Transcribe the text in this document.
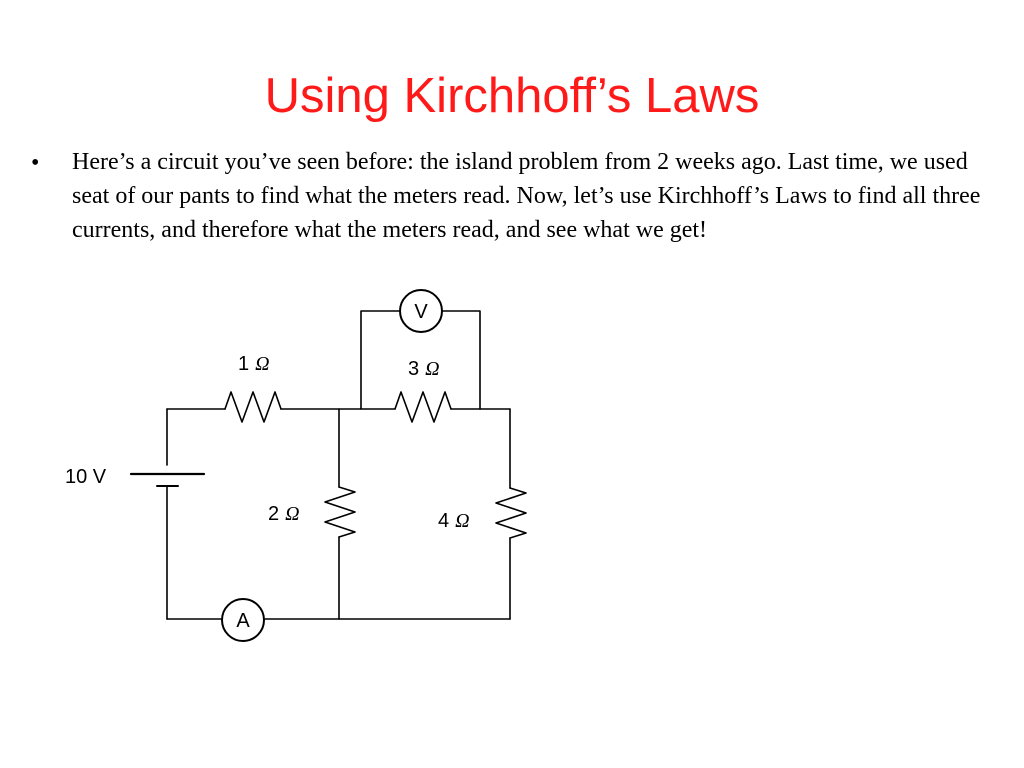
Using Kirchhoff’s Laws
• Here’s a circuit you’ve seen before: the island problem from 2 weeks ago. Last time, we used seat of our pants to find what the meters read. Now, let’s use Kirchhoff’s Laws to find all three currents, and therefore what the meters read, and see what we get!

V
A
10 V
1 Ω	3 Ω
2 Ω	4 Ω
